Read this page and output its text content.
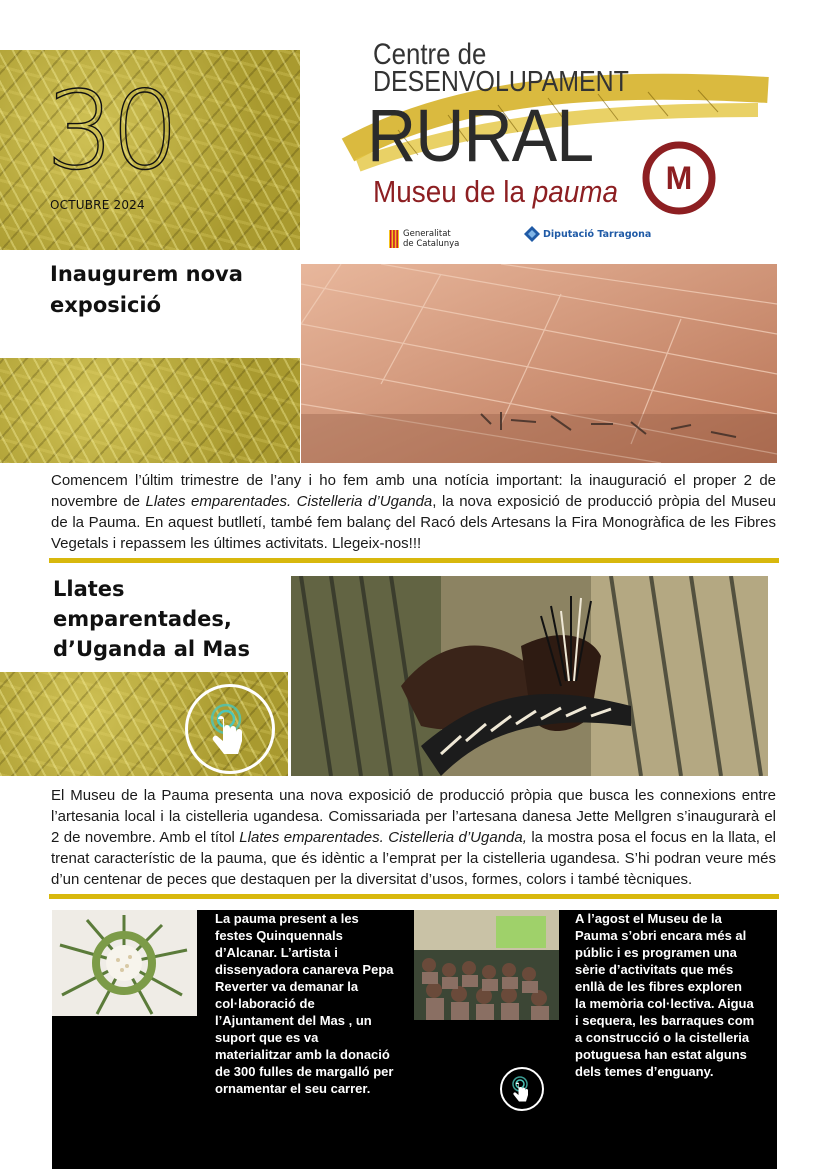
30
OCTUBRE 2024
Centre de
DESENVOLUPAMENT
RURAL
Museu de la pauma M
Generalitat
de Catalunya
Diputació Tarragona
Inaugurem nova exposició

Comencem l’últim trimestre de l’any i ho fem amb una notícia important: la inauguració el proper 2 de novembre de Llates emparentades. Cistelleria d’Uganda, la nova exposició de producció pròpia del Museu de la Pauma. En aquest butlletí, també fem balanç del Racó dels Artesans la Fira Monogràfica de les Fibres Vegetals i repassem les últimes activitats. Llegeix-nos!!!

Llates emparentades, d’Uganda al Mas

El Museu de la Pauma presenta una nova exposició de producció pròpia que busca les connexions entre l’artesania local i la cistelleria ugandesa. Comissariada per l’artesana danesa Jette Mellgren s’inaugurarà el 2 de novembre. Amb el títol Llates emparentades. Cistelleria d’Uganda, la mostra posa el focus en la llata, el trenat característic de la pauma, que és idèntic a l’emprat per la cistelleria ugandesa. S’hi podran veure més d’un centenar de peces que destaquen per la diversitat d’usos, formes, colors i també tècniques.

La pauma present a les festes Quinquennals d’Alcanar. L’artista i dissenyadora canareva Pepa Reverter va demanar la col·laboració de l’Ajuntament del Mas , un suport que es va materialitzar amb la donació de 300 fulles de margalló per ornamentar el seu carrer.

A l’agost el Museu de la Pauma s’obri encara més al públic i es programen una sèrie d’activitats que més enllà de les fibres exploren la memòria col·lectiva. Aigua i sequera, les barraques com a construcció o la cistelleria potuguesa han estat alguns dels temes d’enguany.
